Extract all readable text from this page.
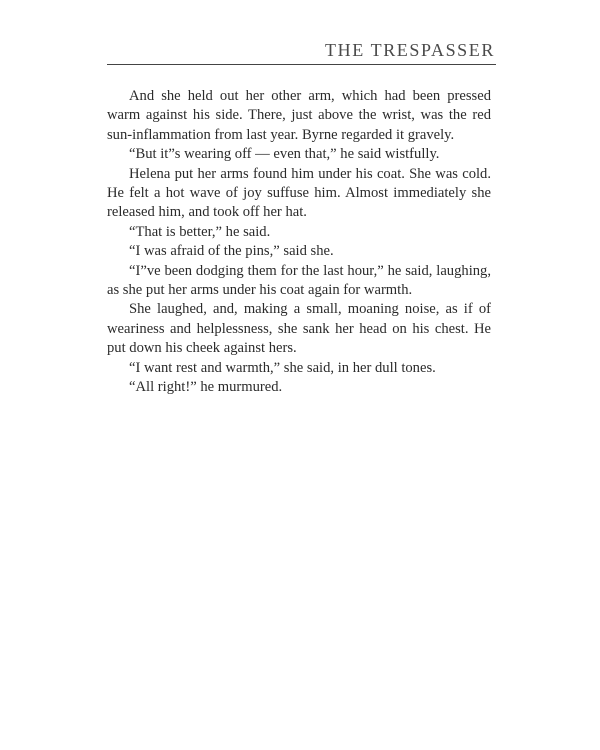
THE TRESPASSER

And she held out her other arm, which had been pressed warm against his side. There, just above the wrist, was the red sun-inflammation from last year. Byrne regarded it gravely.

“But it”s wearing off — even that,” he said wistfully.

Helena put her arms found him under his coat. She was cold. He felt a hot wave of joy suffuse him. Almost immediately she released him, and took off her hat.

“That is better,” he said.

“I was afraid of the pins,” said she.

“I”ve been dodging them for the last hour,” he said, laughing, as she put her arms under his coat again for warmth.

She laughed, and, making a small, moaning noise, as if of weariness and helplessness, she sank her head on his chest. He put down his cheek against hers.

“I want rest and warmth,” she said, in her dull tones.

“All right!” he murmured.
